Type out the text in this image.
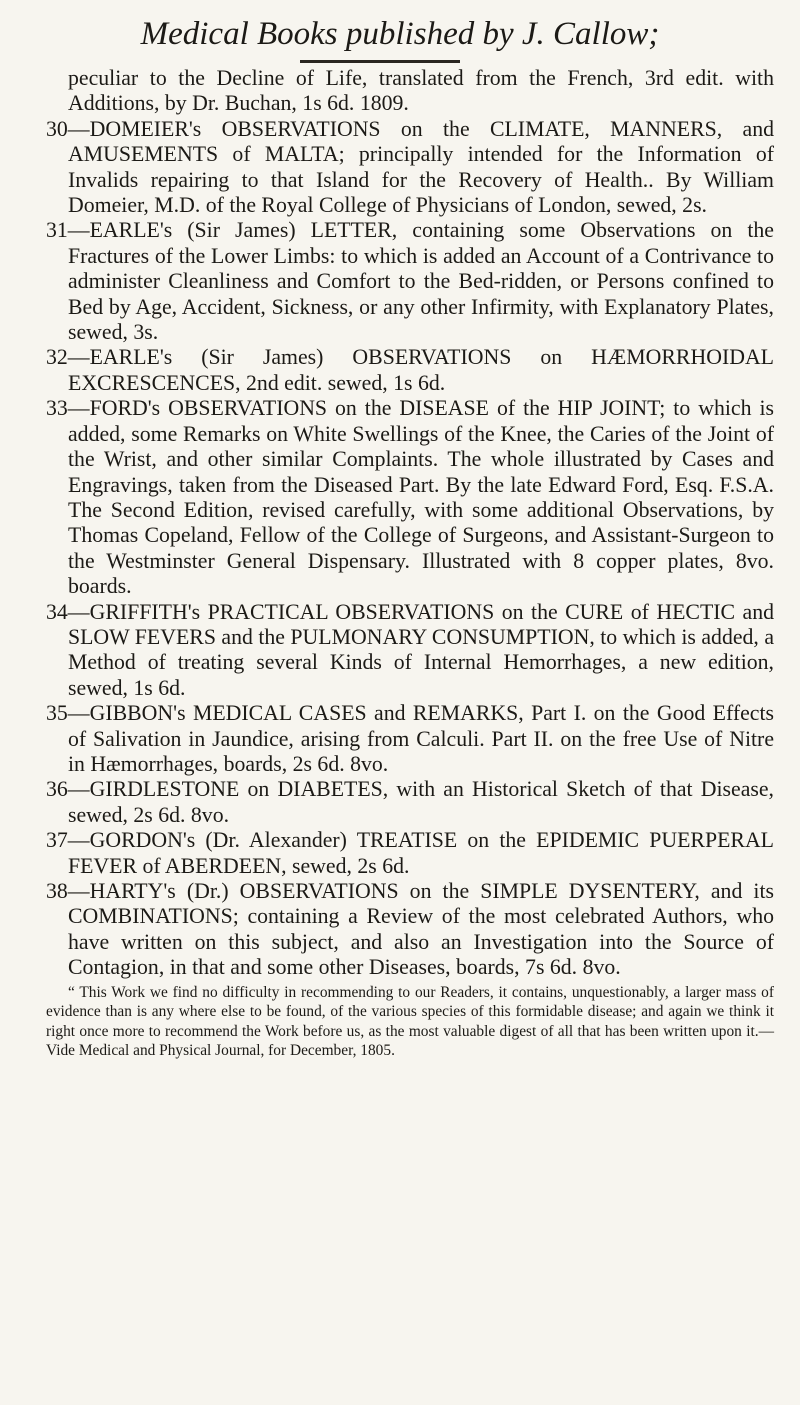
Medical Books published by J. Callow;

peculiar to the Decline of Life, translated from the French, 3rd edit. with Additions, by Dr. Buchan, 1s 6d. 1809.

30—DOMEIER's OBSERVATIONS on the CLIMATE, MANNERS, and AMUSEMENTS of MALTA; principally intended for the Information of Invalids repairing to that Island for the Recovery of Health.. By William Domeier, M.D. of the Royal College of Physicians of London, sewed, 2s.

31—EARLE's (Sir James) LETTER, containing some Observations on the Fractures of the Lower Limbs: to which is added an Account of a Contrivance to administer Cleanliness and Comfort to the Bed-ridden, or Persons confined to Bed by Age, Accident, Sickness, or any other Infirmity, with Explanatory Plates, sewed, 3s.

32—EARLE's (Sir James) OBSERVATIONS on HÆMORRHOIDAL EXCRESCENCES, 2nd edit. sewed, 1s 6d.

33—FORD's OBSERVATIONS on the DISEASE of the HIP JOINT; to which is added, some Remarks on White Swellings of the Knee, the Caries of the Joint of the Wrist, and other similar Complaints. The whole illustrated by Cases and Engravings, taken from the Diseased Part. By the late Edward Ford, Esq. F.S.A. The Second Edition, revised carefully, with some additional Observations, by Thomas Copeland, Fellow of the College of Surgeons, and Assistant-Surgeon to the Westminster General Dispensary. Illustrated with 8 copper plates, 8vo. boards.

34—GRIFFITH's PRACTICAL OBSERVATIONS on the CURE of HECTIC and SLOW FEVERS and the PULMONARY CONSUMPTION, to which is added, a Method of treating several Kinds of Internal Hemorrhages, a new edition, sewed, 1s 6d.

35—GIBBON's MEDICAL CASES and REMARKS, Part I. on the Good Effects of Salivation in Jaundice, arising from Calculi. Part II. on the free Use of Nitre in Hæmorrhages, boards, 2s 6d. 8vo.

36—GIRDLESTONE on DIABETES, with an Historical Sketch of that Disease, sewed, 2s 6d. 8vo.

37—GORDON's (Dr. Alexander) TREATISE on the EPIDEMIC PUERPERAL FEVER of ABERDEEN, sewed, 2s 6d.

38—HARTY's (Dr.) OBSERVATIONS on the SIMPLE DYSENTERY, and its COMBINATIONS; containing a Review of the most celebrated Authors, who have written on this subject, and also an Investigation into the Source of Contagion, in that and some other Diseases, boards, 7s 6d. 8vo.

“ This Work we find no difficulty in recommending to our Readers, it contains, unquestionably, a larger mass of evidence than is any where else to be found, of the various species of this formidable disease; and again we think it right once more to recommend the Work before us, as the most valuable digest of all that has been written upon it.—Vide Medical and Physical Journal, for December, 1805.
